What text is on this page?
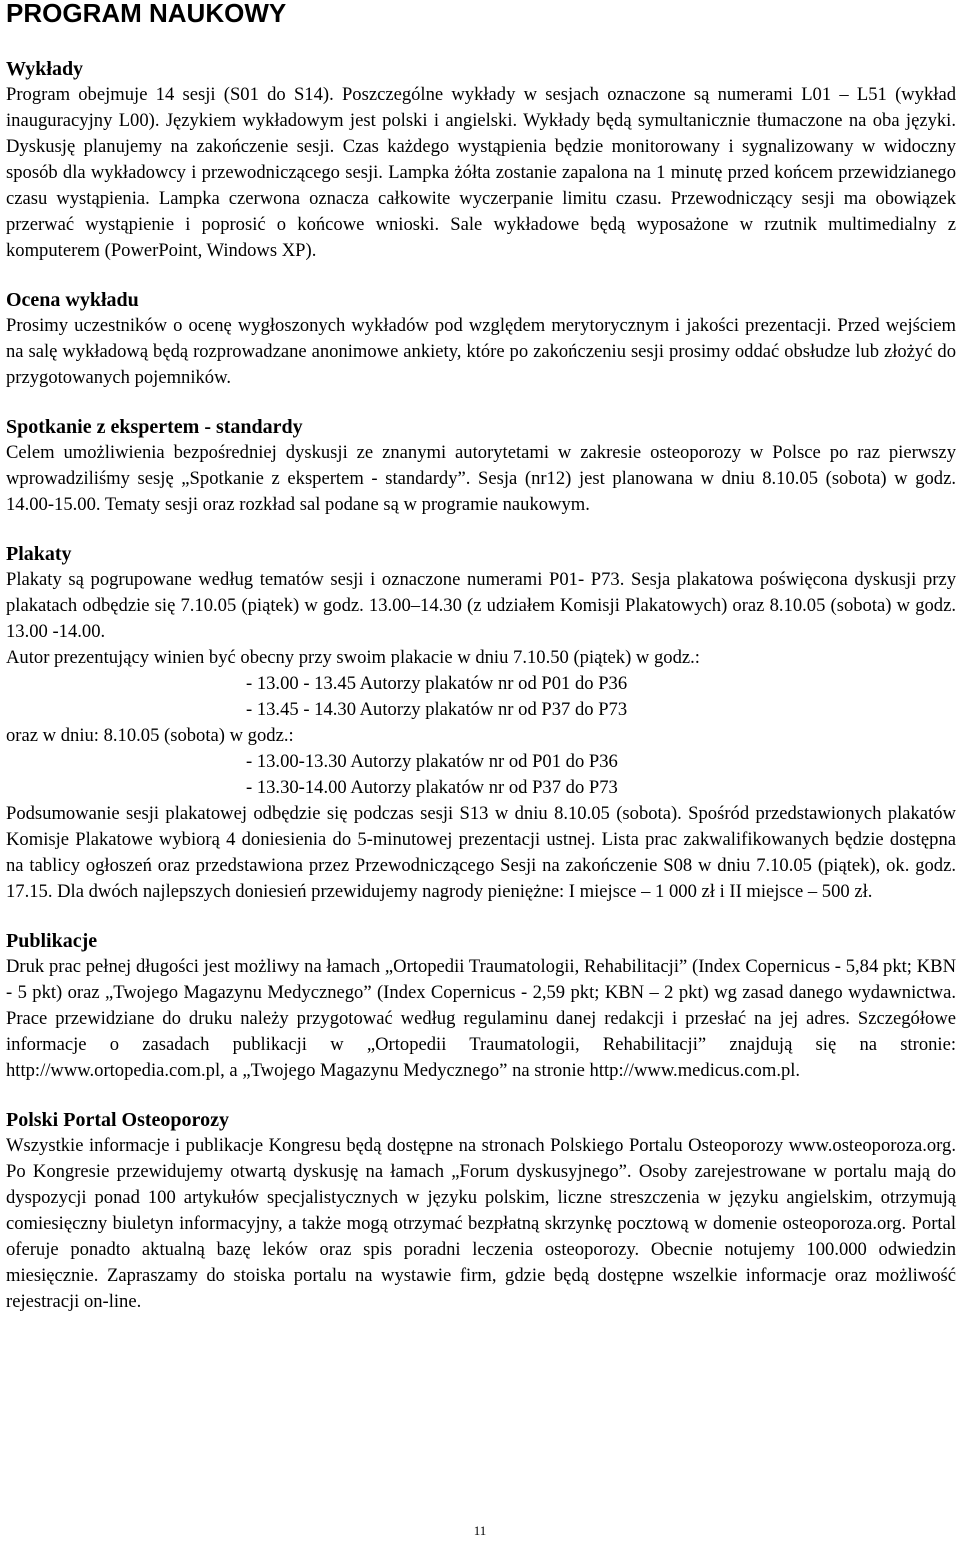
PROGRAM NAUKOWY
Wykłady

Program obejmuje 14 sesji (S01 do S14). Poszczególne wykłady w sesjach oznaczone są numerami L01 – L51 (wykład inauguracyjny L00). Językiem wykładowym jest polski i angielski. Wykłady będą symultanicznie tłumaczone na oba języki. Dyskusję planujemy na zakończenie sesji. Czas każdego wystąpienia będzie monitorowany i sygnalizowany w widoczny sposób dla wykładowcy i przewodniczącego sesji. Lampka żółta zostanie zapalona na 1 minutę przed końcem przewidzianego czasu wystąpienia. Lampka czerwona oznacza całkowite wyczerpanie limitu czasu. Przewodniczący sesji ma obowiązek przerwać wystąpienie i poprosić o końcowe wnioski. Sale wykładowe będą wyposażone w rzutnik multimedialny z komputerem (PowerPoint, Windows XP).

Ocena wykładu

Prosimy uczestników o ocenę wygłoszonych wykładów pod względem merytorycznym i jakości prezentacji. Przed wejściem na salę wykładową będą rozprowadzane anonimowe ankiety, które po zakończeniu sesji prosimy oddać obsłudze lub złożyć do przygotowanych pojemników.

Spotkanie z ekspertem - standardy

Celem umożliwienia bezpośredniej dyskusji ze znanymi autorytetami w zakresie osteoporozy w Polsce po raz pierwszy wprowadziliśmy sesję „Spotkanie z ekspertem - standardy”. Sesja (nr12) jest planowana w dniu 8.10.05 (sobota) w godz. 14.00-15.00. Tematy sesji oraz rozkład sal podane są w programie naukowym.

Plakaty

Plakaty są pogrupowane według tematów sesji i oznaczone numerami P01- P73. Sesja plakatowa poświęcona dyskusji przy plakatach odbędzie się 7.10.05 (piątek) w godz. 13.00–14.30 (z udziałem Komisji Plakatowych) oraz 8.10.05 (sobota) w godz. 13.00 -14.00.

Autor prezentujący winien być obecny przy swoim plakacie w dniu 7.10.50 (piątek) w godz.:
- 13.00 - 13.45 Autorzy plakatów nr od P01 do P36
- 13.45 - 14.30 Autorzy plakatów nr od P37 do P73
oraz w dniu: 8.10.05 (sobota) w godz.:
- 13.00-13.30 Autorzy plakatów nr od P01 do P36
- 13.30-14.00 Autorzy plakatów nr od P37 do P73

Podsumowanie sesji plakatowej odbędzie się podczas sesji S13 w dniu 8.10.05 (sobota). Spośród przedstawionych plakatów Komisje Plakatowe wybiorą 4 doniesienia do 5-minutowej prezentacji ustnej. Lista prac zakwalifikowanych będzie dostępna na tablicy ogłoszeń oraz przedstawiona przez Przewodniczącego Sesji na zakończenie S08 w dniu 7.10.05 (piątek), ok. godz. 17.15. Dla dwóch najlepszych doniesień przewidujemy nagrody pieniężne: I miejsce – 1 000 zł i II miejsce – 500 zł.

Publikacje

Druk prac pełnej długości jest możliwy na łamach „Ortopedii Traumatologii, Rehabilitacji” (Index Copernicus - 5,84 pkt; KBN - 5 pkt) oraz „Twojego Magazynu Medycznego” (Index Copernicus - 2,59 pkt; KBN – 2 pkt) wg zasad danego wydawnictwa. Prace przewidziane do druku należy przygotować według regulaminu danej redakcji i przesłać na jej adres. Szczegółowe informacje o zasadach publikacji w „Ortopedii Traumatologii, Rehabilitacji” znajdują się na stronie: http://www.ortopedia.com.pl, a „Twojego Magazynu Medycznego” na stronie http://www.medicus.com.pl.

Polski Portal Osteoporozy

Wszystkie informacje i publikacje Kongresu będą dostępne na stronach Polskiego Portalu Osteoporozy www.osteoporoza.org. Po Kongresie przewidujemy otwartą dyskusję na łamach „Forum dyskusyjnego”. Osoby zarejestrowane w portalu mają do dyspozycji ponad 100 artykułów specjalistycznych w języku polskim, liczne streszczenia w języku angielskim, otrzymują comiesięczny biuletyn informacyjny, a także mogą otrzymać bezpłatną skrzynkę pocztową w domenie osteoporoza.org. Portal oferuje ponadto aktualną bazę leków oraz spis poradni leczenia osteoporozy. Obecnie notujemy 100.000 odwiedzin miesięcznie. Zapraszamy do stoiska portalu na wystawie firm, gdzie będą dostępne wszelkie informacje oraz możliwość rejestracji on-line.

11
